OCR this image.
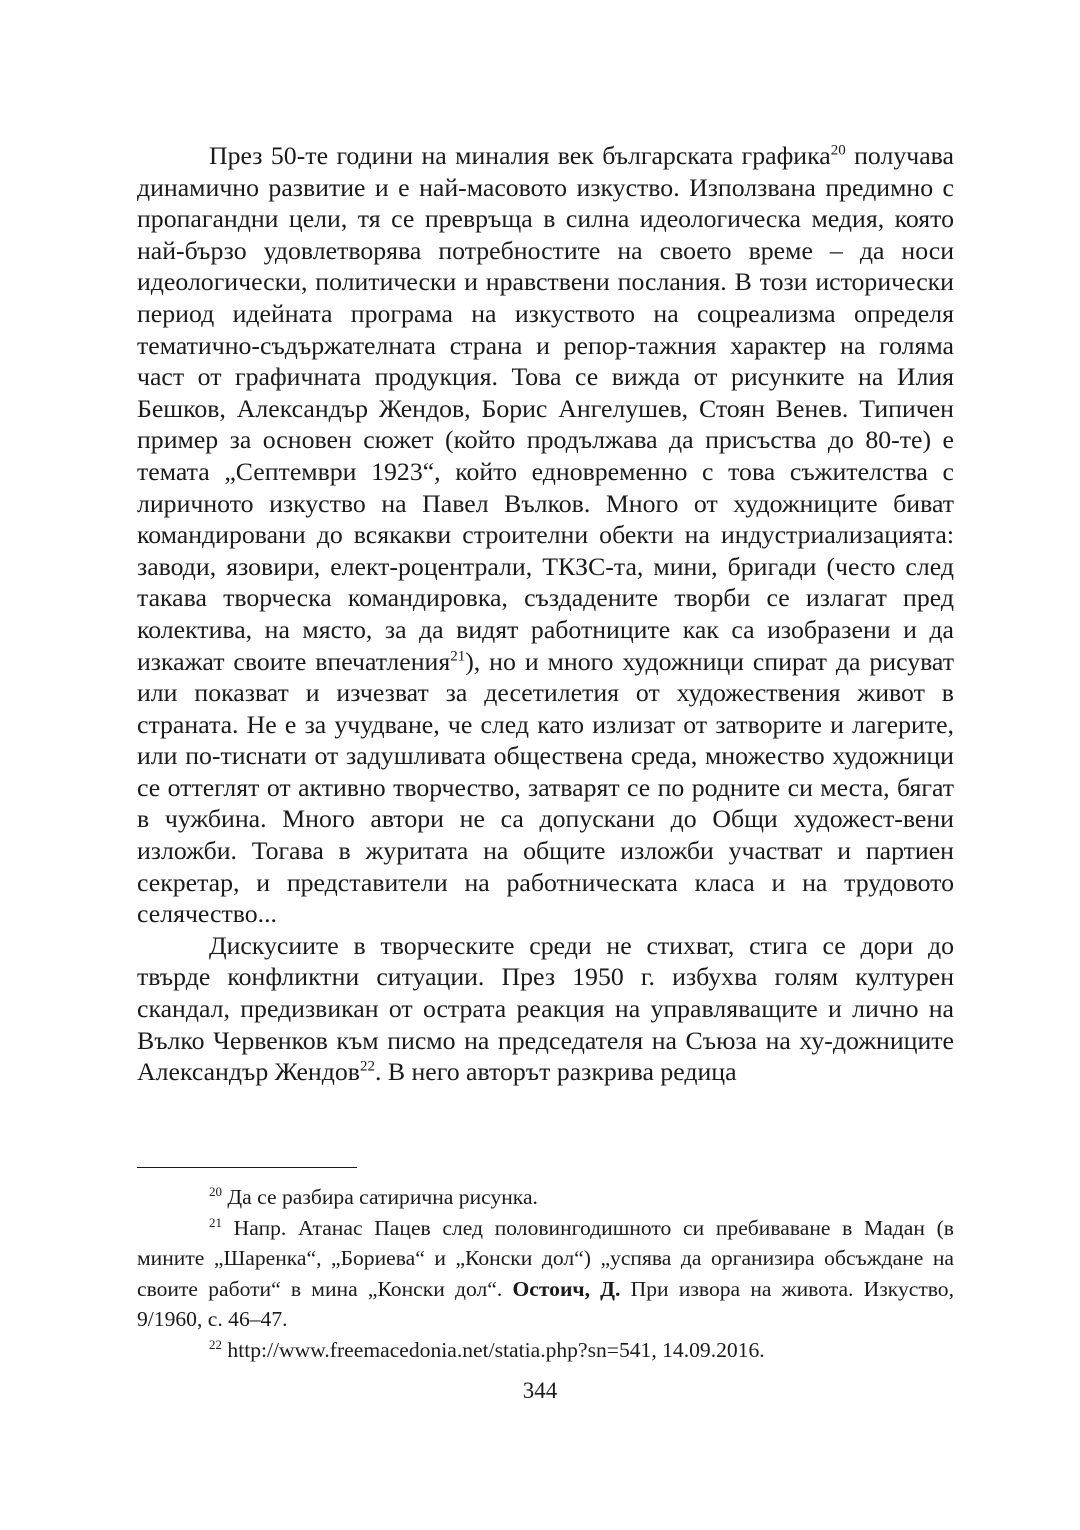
През 50-те години на миналия век българската графика$^{20}$ получава динамично развитие и е най-масовото изкуство. Използвана предимно с пропагандни цели, тя се превръща в силна идеологическа медия, която най-бързо удовлетворява потребностите на своето време – да носи идеологически, политически и нравствени послания. В този исторически период идейната програма на изкуството на соцреализма определя тематично-съдържателната страна и репор-тажния характер на голяма част от графичната продукция. Това се вижда от рисунките на Илия Бешков, Александър Жендов, Борис Ангелушев, Стоян Венев. Типичен пример за основен сюжет (който продължава да присъства до 80-те) е темата „Септември 1923“, който едновременно с това съжителства с лиричното изкуство на Павел Вълков. Много от художниците биват командировани до всякакви строителни обекти на индустриализацията: заводи, язовири, елект-роцентрали, ТКЗС-та, мини, бригади (често след такава творческа командировка, създадените творби се излагат пред колектива, на място, за да видят работниците как са изобразени и да изкажат своите впечатления$^{21}$), но и много художници спират да рисуват или показват и изчезват за десетилетия от художествения живот в страната. Не е за учудване, че след като излизат от затворите и лагерите, или по-тиснати от задушливата обществена среда, множество художници се оттеглят от активно творчество, затварят се по родните си места, бягат в чужбина. Много автори не са допускани до Общи художест-вени изложби. Тогава в журитата на общите изложби участват и партиен секретар, и представители на работническата класа и на трудовото селячество...

Дискусиите в творческите среди не стихват, стига се дори до твърде конфликтни ситуации. През 1950 г. избухва голям културен скандал, предизвикан от острата реакция на управляващите и лично на Вълко Червенков към писмо на председателя на Съюза на ху-дожниците Александър Жендов$^{22}$. В него авторът разкрива редица

$^{20}$ Да се разбира сатирична рисунка.

$^{21}$ Напр. Атанас Пацев след половингодишното си пребиваване в Мадан (в мините „Шаренка“, „Бориева“ и „Конски дол“) „успява да организира обсъждане на своите работи“ в мина „Конски дол“. Остоич, Д. При извора на живота. Изкуство, 9/1960, с. 46–47.

$^{22}$ http://www.freemacedonia.net/statia.php?sn=541, 14.09.2016.

344
